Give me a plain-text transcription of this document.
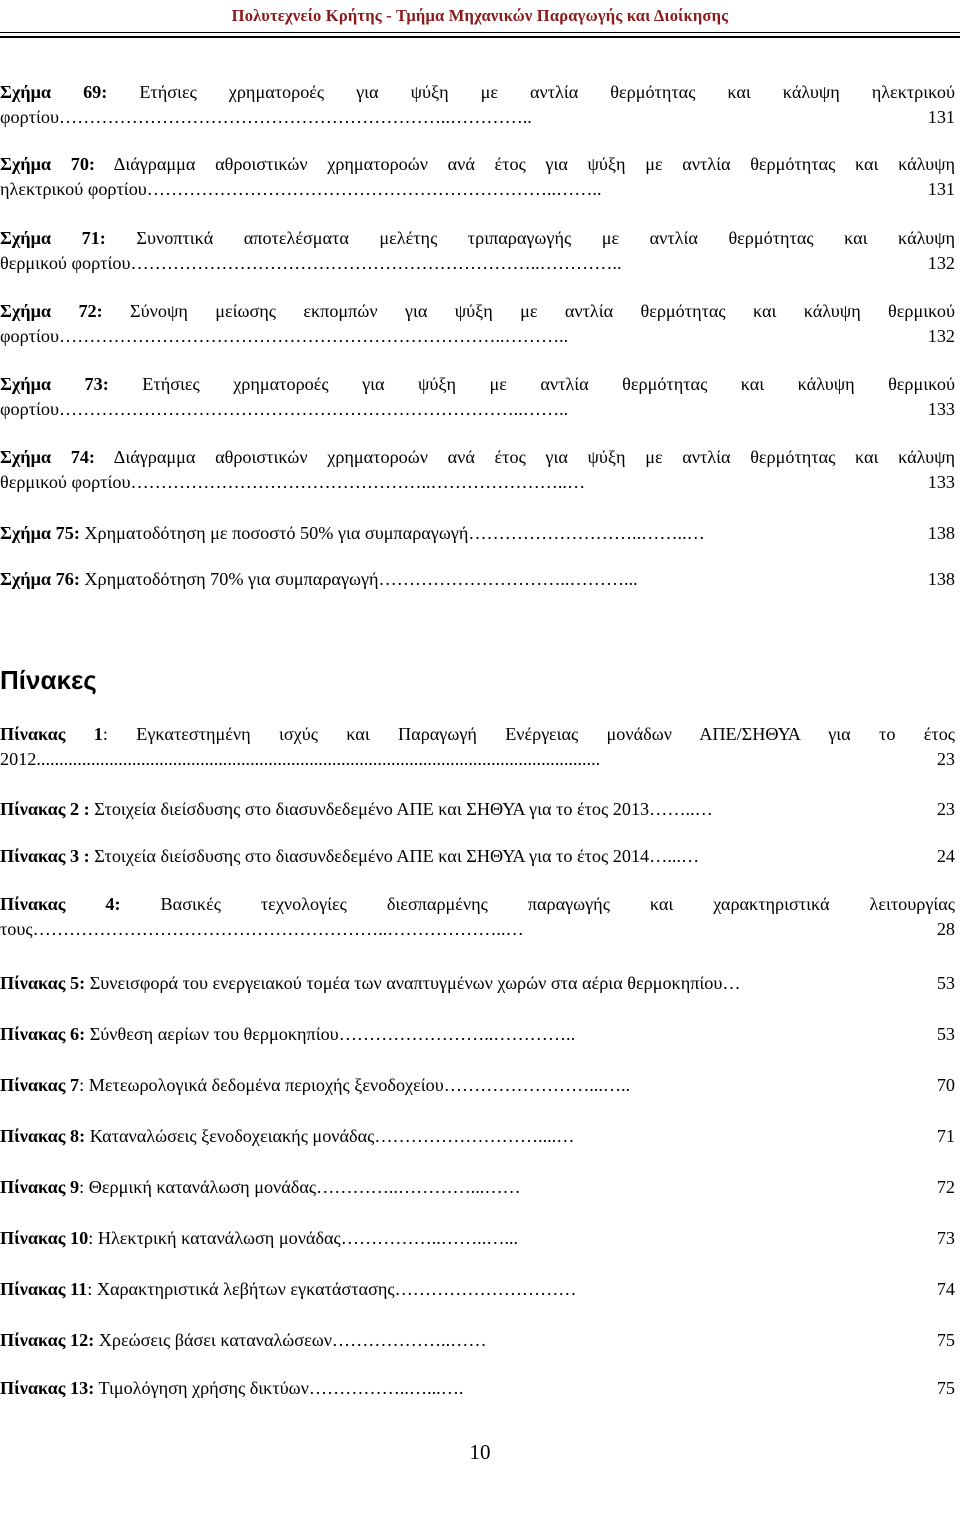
Πολυτεχνείο Κρήτης - Τμήμα Μηχανικών Παραγωγής και Διοίκησης
Σχήμα 69: Ετήσιες χρηματοροές για ψύξη με αντλία θερμότητας και κάλυψη ηλεκτρικού
φορτίου ………………………………………………………..…………..	131
Σχήμα 70: Διάγραμμα αθροιστικών χρηματοροών ανά έτος για ψύξη με αντλία θερμότητας και κάλυψη
ηλεκτρικού φορτίου …………………………………………………………..……..	131
Σχήμα 71: Συνοπτικά αποτελέσματα μελέτης τριπαραγωγής με αντλία θερμότητας και κάλυψη
θερμικού φορτίου …………………………………………………………..…………..	132
Σχήμα 72: Σύνοψη μείωσης εκπομπών για ψύξη με αντλία θερμότητας και κάλυψη θερμικού
φορτίου ………………………………………………………………..………..	132
Σχήμα 73: Ετήσιες χρηματοροές για ψύξη με αντλία θερμότητας και κάλυψη θερμικού
φορτίου …………………………………………………………………..……..	133
Σχήμα 74: Διάγραμμα αθροιστικών χρηματοροών ανά έτος για ψύξη με αντλία θερμότητας και κάλυψη
θερμικού φορτίου …………………………………………..…………………..…	133
Σχήμα 75: Χρηματοδότηση με ποσοστό 50% για συμπαραγωγή ………………………..……..…	138
Σχήμα 76: Χρηματοδότηση 70% για συμπαραγωγή …………………………..………...	138
Πίνακες
Πίνακας 1: Εγκατεστημένη ισχύς και Παραγωγή Ενέργειας μονάδων ΑΠΕ/ΣΗΘΥΑ για το έτος
2012 ............................................................................................................................	23
Πίνακας 2 : Στοιχεία διείσδυσης στο διασυνδεδεμένο ΑΠΕ και ΣΗΘΥΑ για το έτος 2013 ……..…	23
Πίνακας 3 : Στοιχεία διείσδυσης στο διασυνδεδεμένο ΑΠΕ και ΣΗΘΥΑ για το έτος 2014 …...…	24
Πίνακας 4: Βασικές τεχνολογίες διεσπαρμένης παραγωγής και χαρακτηριστικά λειτουργίας
τους …………………………………………………..………………..…	28
Πίνακας 5: Συνεισφορά του ενεργειακού τομέα των αναπτυγμένων χωρών στα αέρια θερμοκηπίου …	53
Πίνακας 6: Σύνθεση αερίων του θερμοκηπίου ……………………..…………..	53
Πίνακας 7: Μετεωρολογικά δεδομένα περιοχής ξενοδοχείου ……………………...…..	70
Πίνακας 8: Καταναλώσεις ξενοδοχειακής μονάδας ………………………....…	71
Πίνακας 9: Θερμική κατανάλωση μονάδας …………..…………...……	72
Πίνακας 10: Ηλεκτρική κατανάλωση μονάδας ……………..……..…...	73
Πίνακας 11: Χαρακτηριστικά λεβήτων εγκατάστασης …………………………	74
Πίνακας 12: Χρεώσεις βάσει καταναλώσεων ………………..……	75
Πίνακας 13: Τιμολόγηση χρήσης δικτύων ……………..…...….	75
10
